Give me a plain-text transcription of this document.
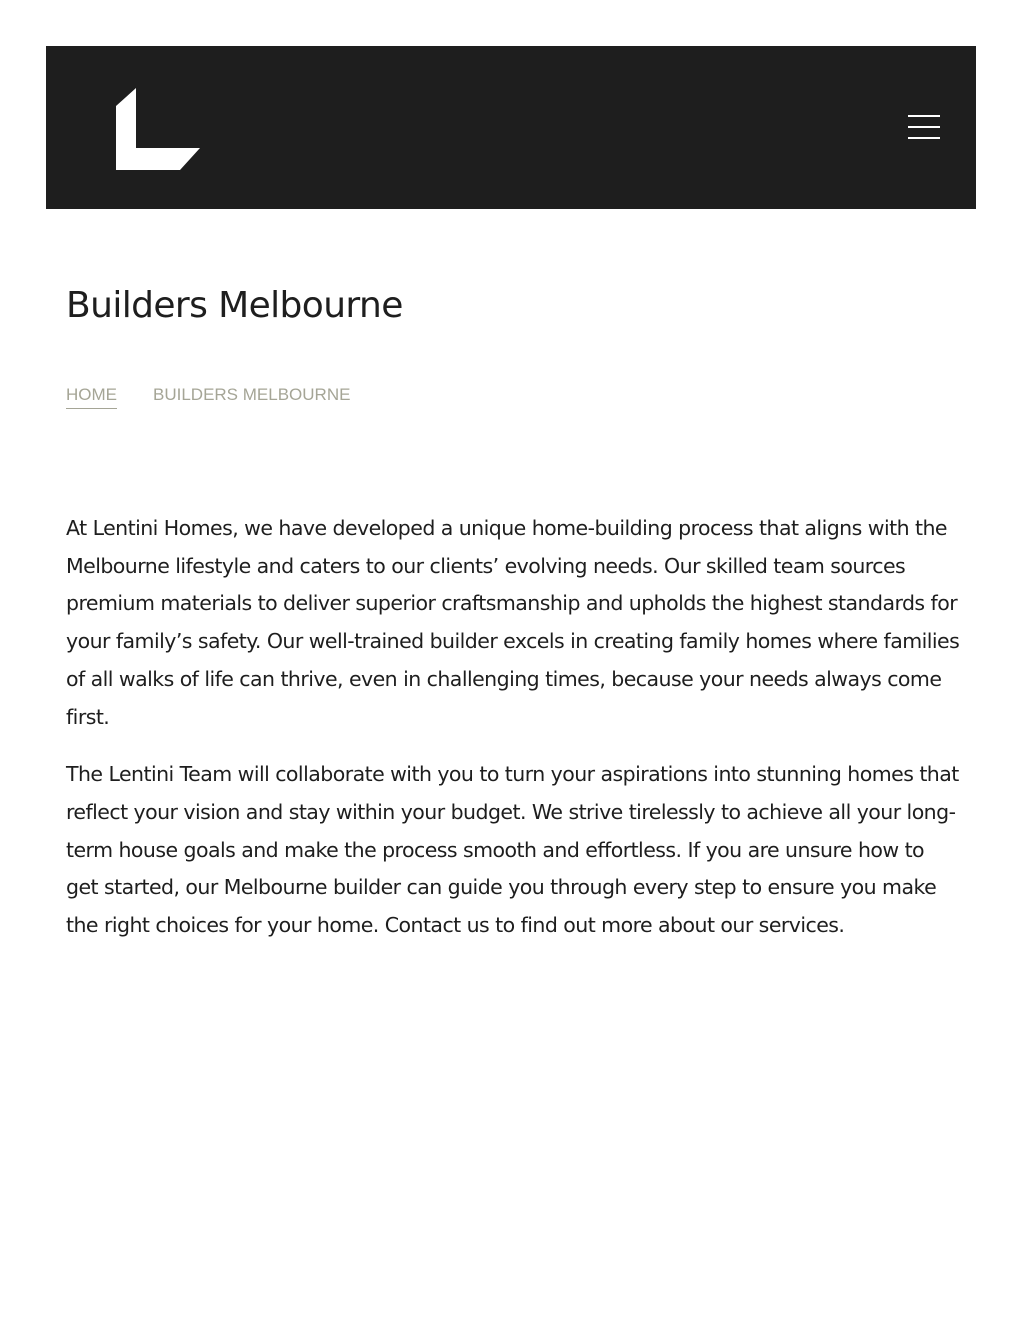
Builders Melbourne
HOME BUILDERS MELBOURNE

At Lentini Homes, we have developed a unique home-building process that aligns with the Melbourne lifestyle and caters to our clients’ evolving needs. Our skilled team sources premium materials to deliver superior craftsmanship and upholds the highest standards for your family’s safety. Our well-trained builder excels in creating family homes where families of all walks of life can thrive, even in challenging times, because your needs always come first.

The Lentini Team will collaborate with you to turn your aspirations into stunning homes that reflect your vision and stay within your budget. We strive tirelessly to achieve all your long-term house goals and make the process smooth and effortless. If you are unsure how to get started, our Melbourne builder can guide you through every step to ensure you make the right choices for your home. Contact us to find out more about our services.
